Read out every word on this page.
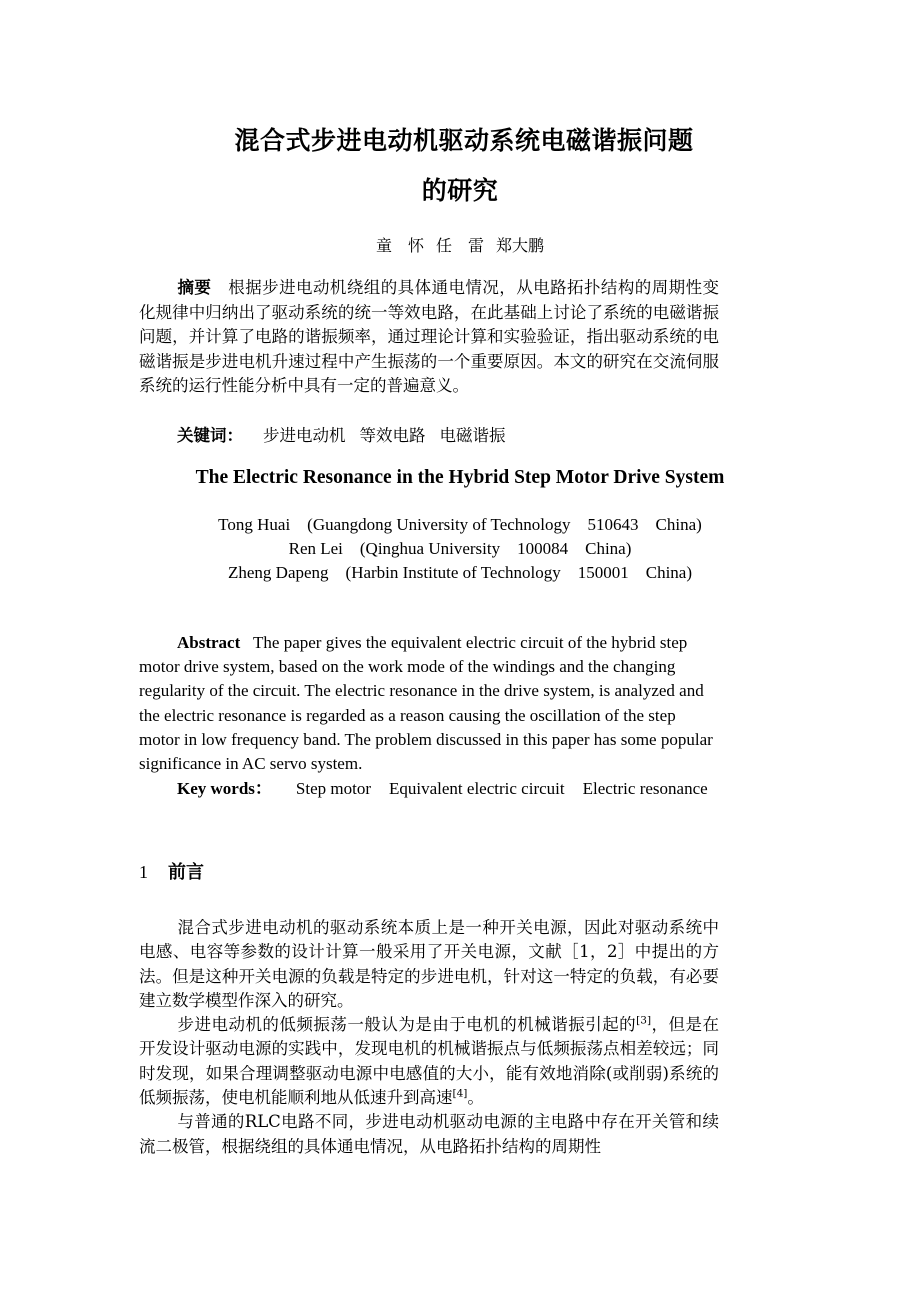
混合式步进电动机驱动系统电磁谐振问题
的研究
童　怀 任　雷 郑大鹏
摘要　 根据步进电动机绕组的具体通电情况，从电路拓扑结构的周期性变化规律中归纳出了驱动系统的统一等效电路，在此基础上讨论了系统的电磁谐振问题，并计算了电路的谐振频率，通过理论计算和实验验证，指出驱动系统的电磁谐振是步进电机升速过程中产生振荡的一个重要原因。本文的研究在交流伺服系统的运行性能分析中具有一定的普遍意义。
关键词： 步进电动机 等效电路 电磁谐振
The Electric Resonance in the Hybrid Step Motor Drive System
Tong Huai    (Guangdong University of Technology    510643    China)
Ren Lei    (Qinghua University    100084    China)
Zheng Dapeng    (Harbin Institute of Technology    150001    China)
Abstract The paper gives the equivalent electric circuit of the hybrid step motor drive system, based on the work mode of the windings and the changing regularity of the circuit. The electric resonance in the drive system, is analyzed and the electric resonance is regarded as a reason causing the oscillation of the step motor in low frequency band. The problem discussed in this paper has some popular significance in AC servo system.
Key words： Step motor Equivalent electric circuit Electric resonance
1 前言

混合式步进电动机的驱动系统本质上是一种开关电源，因此对驱动系统中电感、电容等参数的设计计算一般采用了开关电源，文献［1，2］中提出的方法。但是这种开关电源的负载是特定的步进电机，针对这一特定的负载，有必要建立数学模型作深入的研究。

步进电动机的低频振荡一般认为是由于电机的机械谐振引起的[3]，但是在开发设计驱动电源的实践中，发现电机的机械谐振点与低频振荡点相差较远；同时发现，如果合理调整驱动电源中电感值的大小，能有效地消除(或削弱)系统的低频振荡，使电机能顺利地从低速升到高速[4]。

与普通的RLC电路不同，步进电动机驱动电源的主电路中存在开关管和续流二极管，根据绕组的具体通电情况，从电路拓扑结构的周期性
